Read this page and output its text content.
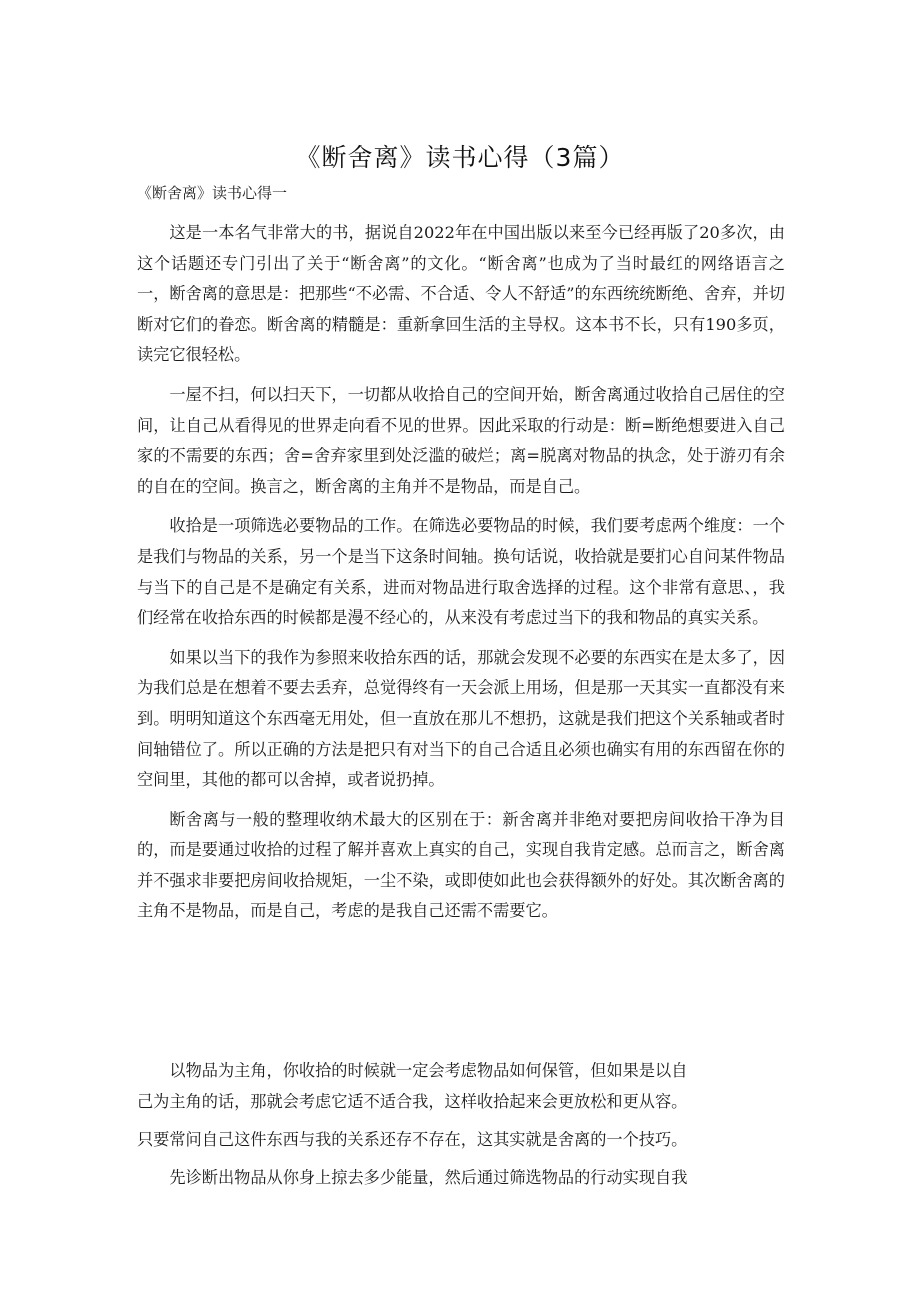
《断舍离》读书心得（3篇）
《断舍离》读书心得一

这是一本名气非常大的书，据说自2022年在中国出版以来至今已经再版了20多次，由这个话题还专门引出了关于“断舍离”的文化。“断舍离”也成为了当时最红的网络语言之一，断舍离的意思是：把那些“不必需、不合适、令人不舒适”的东西统统断绝、舍弃，并切断对它们的眷恋。断舍离的精髓是：重新拿回生活的主导权。这本书不长，只有190多页，读完它很轻松。

一屋不扫，何以扫天下，一切都从收拾自己的空间开始，断舍离通过收拾自己居住的空间，让自己从看得见的世界走向看不见的世界。因此采取的行动是：断=断绝想要进入自己家的不需要的东西；舍=舍弃家里到处泛滥的破烂；离=脱离对物品的执念，处于游刃有余的自在的空间。换言之，断舍离的主角并不是物品，而是自己。

收拾是一项筛选必要物品的工作。在筛选必要物品的时候，我们要考虑两个维度：一个是我们与物品的关系，另一个是当下这条时间轴。换句话说，收拾就是要扪心自问某件物品与当下的自己是不是确定有关系，进而对物品进行取舍选择的过程。这个非常有意思、，我们经常在收拾东西的时候都是漫不经心的，从来没有考虑过当下的我和物品的真实关系。

如果以当下的我作为参照来收拾东西的话，那就会发现不必要的东西实在是太多了，因为我们总是在想着不要去丢弃，总觉得终有一天会派上用场，但是那一天其实一直都没有来到。明明知道这个东西毫无用处，但一直放在那儿不想扔，这就是我们把这个关系轴或者时间轴错位了。所以正确的方法是把只有对当下的自己合适且必须也确实有用的东西留在你的空间里，其他的都可以舍掉，或者说扔掉。

断舍离与一般的整理收纳术最大的区别在于：新舍离并非绝对要把房间收拾干净为目的，而是要通过收拾的过程了解并喜欢上真实的自己，实现自我肯定感。总而言之，断舍离并不强求非要把房间收拾规矩，一尘不染，或即使如此也会获得额外的好处。其次断舍离的主角不是物品，而是自己，考虑的是我自己还需不需要它。

以物品为主角，你收拾的时候就一定会考虑物品如何保管，但如果是以自
己为主角的话，那就会考虑它适不适合我，这样收拾起来会更放松和更从容。
只要常问自己这件东西与我的关系还存不存在，这其实就是舍离的一个技巧。
先诊断出物品从你身上掠去多少能量，然后通过筛选物品的行动实现自我
